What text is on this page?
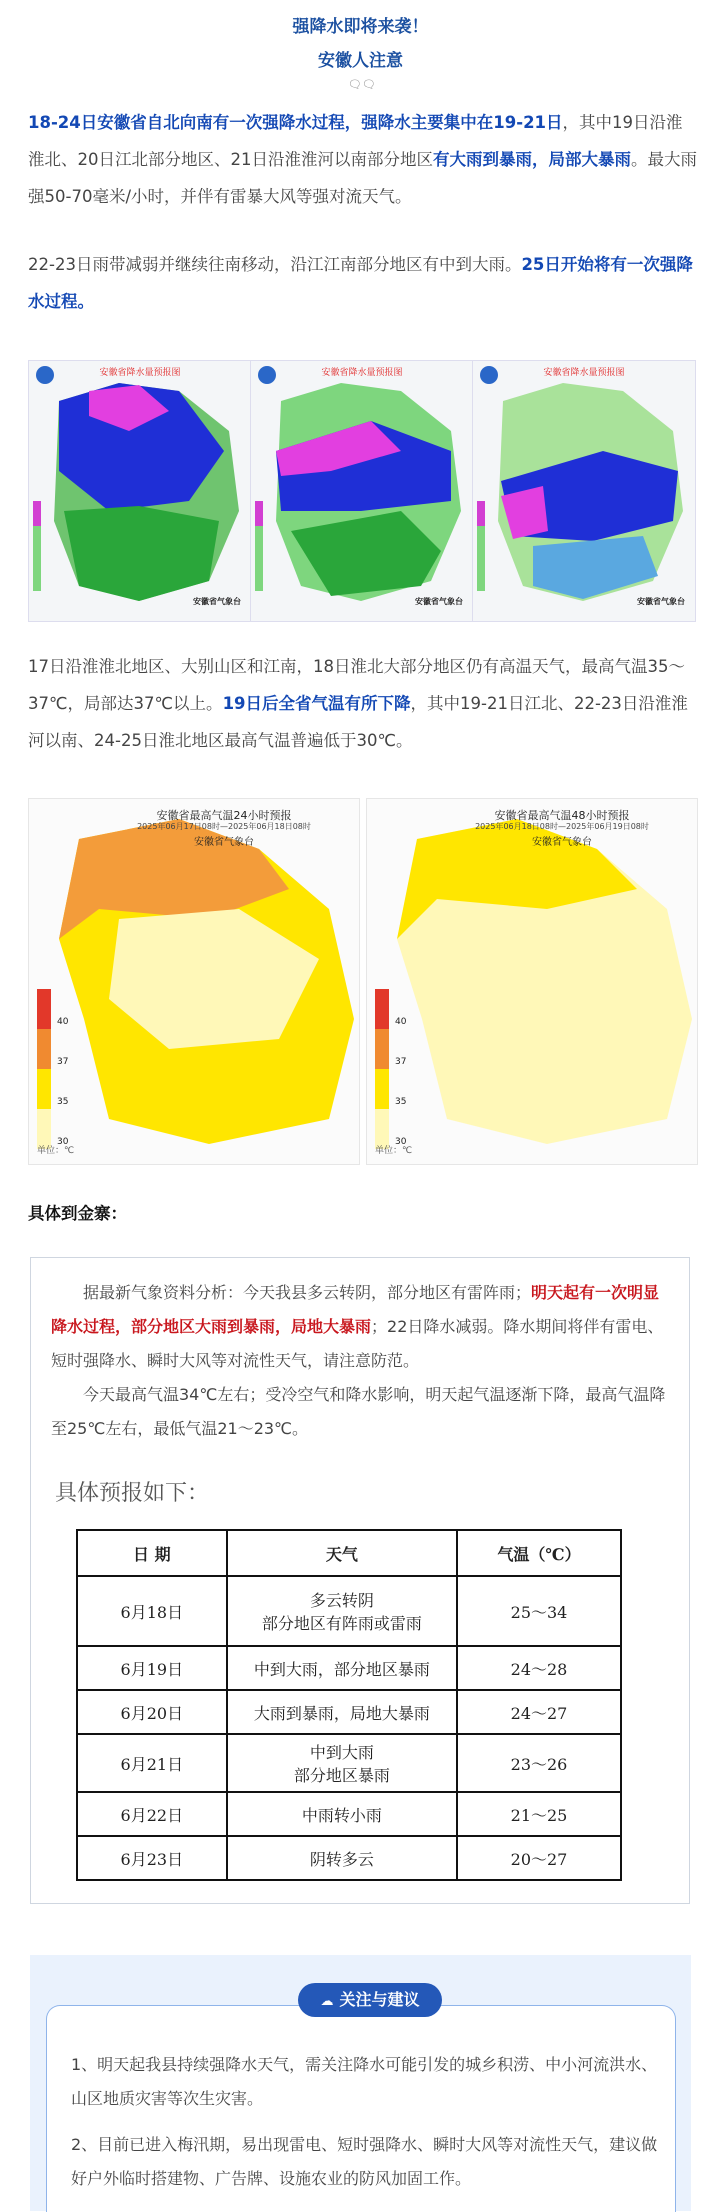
强降水即将来袭！
安徽人注意
🗨🗨
18-24日安徽省自北向南有一次强降水过程，强降水主要集中在19-21日，其中19日沿淮淮北、20日江北部分地区、21日沿淮淮河以南部分地区有大雨到暴雨，局部大暴雨。最大雨强50-70毫米/小时，并伴有雷暴大风等强对流天气。
22-23日雨带减弱并继续往南移动，沿江江南部分地区有中到大雨。25日开始将有一次强降水过程。
安徽省降水量预报图
安徽省气象台
安徽省降水量预报图
安徽省气象台
安徽省降水量预报图
安徽省气象台
17日沿淮淮北地区、大别山区和江南，18日淮北大部分地区仍有高温天气，最高气温35～37℃，局部达37℃以上。19日后全省气温有所下降，其中19-21日江北、22-23日沿淮淮河以南、24-25日淮北地区最高气温普遍低于30℃。
40
37
35
30
安徽省最高气温24小时预报
2025年06月17日08时—2025年06月18日08时
安徽省气象台
单位：℃
40
37
35
30
安徽省最高气温48小时预报
2025年06月18日08时—2025年06月19日08时
安徽省气象台
单位：℃
具体到金寨：

据最新气象资料分析：今天我县多云转阴，部分地区有雷阵雨；明天起有一次明显降水过程，部分地区大雨到暴雨，局地大暴雨；22日降水减弱。降水期间将伴有雷电、短时强降水、瞬时大风等对流性天气，请注意防范。

今天最高气温34℃左右；受冷空气和降水影响，明天起气温逐渐下降，最高气温降至25℃左右，最低气温21～23℃。

具体预报如下：
日 期	天气	气温（℃）
6月18日	多云转阴
部分地区有阵雨或雷雨	25～34
6月19日	中到大雨，部分地区暴雨	24～28
6月20日	大雨到暴雨，局地大暴雨	24～27
6月21日	中到大雨
部分地区暴雨	23～26
6月22日	中雨转小雨	21～25
6月23日	阴转多云	20～27

1、明天起我县持续强降水天气，需关注降水可能引发的城乡积涝、中小河流洪水、山区地质灾害等次生灾害。

2、目前已进入梅汛期，易出现雷电、短时强降水、瞬时大风等对流性天气，建议做好户外临时搭建物、广告牌、设施农业的防风加固工作。

☁ 关注与建议
